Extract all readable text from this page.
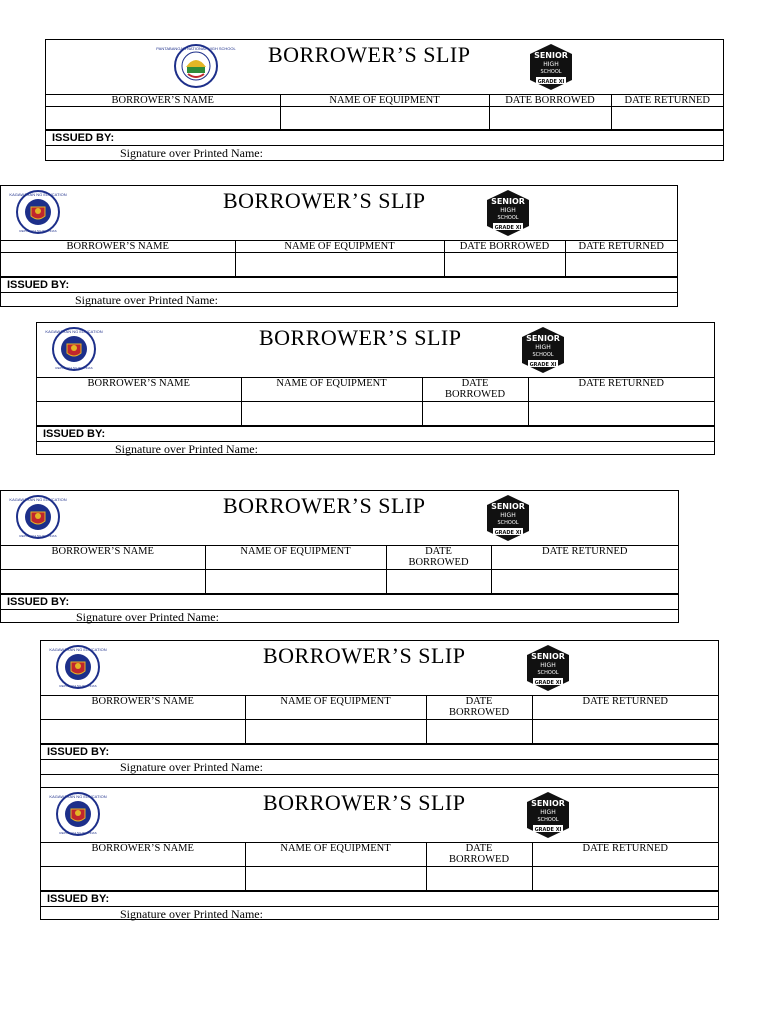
PANTABANGAN NATIONAL HIGH SCHOOL BORROWER’S SLIP	SENIOR
HIGH
SCHOOL
GRADE XI
BORROWER’S NAME	NAME OF EQUIPMENT	DATE BORROWED	DATE RETURNED

ISSUED BY:
Signature over Printed Name:
KAGAWARAN NG EDUCATION
REPUBLIKA NG PILIPINAS
BORROWER’S SLIP	SENIOR
HIGH
SCHOOL
GRADE XI
BORROWER’S NAME	NAME OF EQUIPMENT	DATE BORROWED	DATE RETURNED

ISSUED BY:
Signature over Printed Name:
KAGAWARAN NG EDUCATION
REPUBLIKA NG PILIPINAS
BORROWER’S SLIP	SENIOR
HIGH
SCHOOL
GRADE XI
BORROWER’S NAME	NAME OF EQUIPMENT	DATE
BORROWED	DATE RETURNED

ISSUED BY:
Signature over Printed Name:
KAGAWARAN NG EDUCATION
REPUBLIKA NG PILIPINAS
BORROWER’S SLIP	SENIOR
HIGH
SCHOOL
GRADE XI
BORROWER’S NAME	NAME OF EQUIPMENT	DATE
BORROWED	DATE RETURNED

ISSUED BY:
Signature over Printed Name:
KAGAWARAN NG EDUCATION
REPUBLIKA NG PILIPINAS
BORROWER’S SLIP	SENIOR
HIGH
SCHOOL
GRADE XI
BORROWER’S NAME	NAME OF EQUIPMENT	DATE
BORROWED	DATE RETURNED

ISSUED BY:
Signature over Printed Name:
KAGAWARAN NG EDUCATION
REPUBLIKA NG PILIPINAS
BORROWER’S SLIP	SENIOR
HIGH
SCHOOL
GRADE XI
BORROWER’S NAME	NAME OF EQUIPMENT	DATE
BORROWED	DATE RETURNED

ISSUED BY:
Signature over Printed Name:
